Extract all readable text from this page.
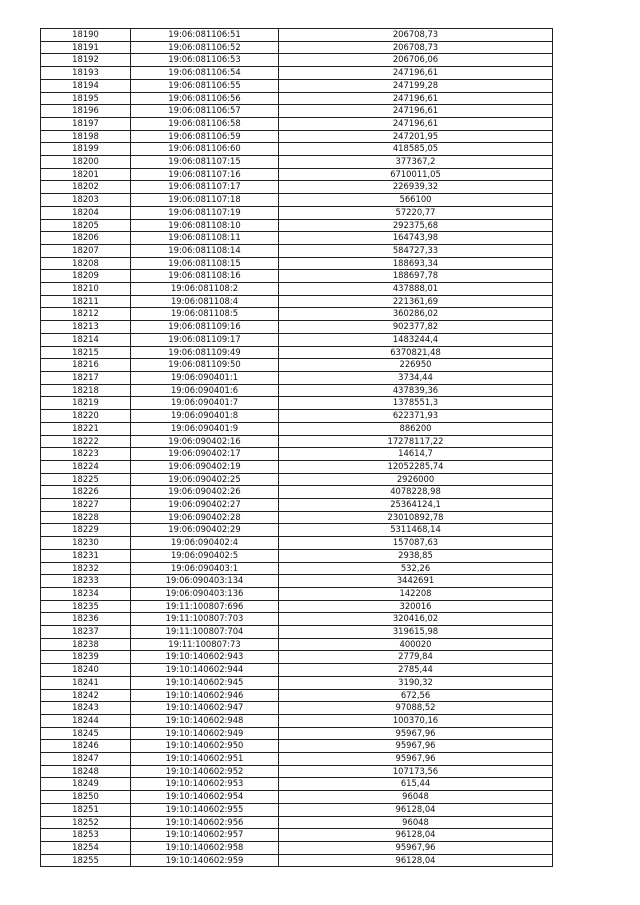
18190	19:06:081106:51	206708,73
18191	19:06:081106:52	206708,73
18192	19:06:081106:53	206706,06
18193	19:06:081106:54	247196,61
18194	19:06:081106:55	247199,28
18195	19:06:081106:56	247196,61
18196	19:06:081106:57	247196,61
18197	19:06:081106:58	247196,61
18198	19:06:081106:59	247201,95
18199	19:06:081106:60	418585,05
18200	19:06:081107:15	377367,2
18201	19:06:081107:16	6710011,05
18202	19:06:081107:17	226939,32
18203	19:06:081107:18	566100
18204	19:06:081107:19	57220,77
18205	19:06:081108:10	292375,68
18206	19:06:081108:11	164743,98
18207	19:06:081108:14	584727,33
18208	19:06:081108:15	188693,34
18209	19:06:081108:16	188697,78
18210	19:06:081108:2	437888,01
18211	19:06:081108:4	221361,69
18212	19:06:081108:5	360286,02
18213	19:06:081109:16	902377,82
18214	19:06:081109:17	1483244,4
18215	19:06:081109:49	6370821,48
18216	19:06:081109:50	226950
18217	19:06:090401:1	3734,44
18218	19:06:090401:6	437839,36
18219	19:06:090401:7	1378551,3
18220	19:06:090401:8	622371,93
18221	19:06:090401:9	886200
18222	19:06:090402:16	17278117,22
18223	19:06:090402:17	14614,7
18224	19:06:090402:19	12052285,74
18225	19:06:090402:25	2926000
18226	19:06:090402:26	4078228,98
18227	19:06:090402:27	25364124,1
18228	19:06:090402:28	23010892,78
18229	19:06:090402:29	5311468,14
18230	19:06:090402:4	157087,63
18231	19:06:090402:5	2938,85
18232	19:06:090403:1	532,26
18233	19:06:090403:134	3442691
18234	19:06:090403:136	142208
18235	19:11:100807:696	320016
18236	19:11:100807:703	320416,02
18237	19:11:100807:704	319615,98
18238	19:11:100807:73	400020
18239	19:10:140602:943	2779,84
18240	19:10:140602:944	2785,44
18241	19:10:140602:945	3190,32
18242	19:10:140602:946	672,56
18243	19:10:140602:947	97088,52
18244	19:10:140602:948	100370,16
18245	19:10:140602:949	95967,96
18246	19:10:140602:950	95967,96
18247	19:10:140602:951	95967,96
18248	19:10:140602:952	107173,56
18249	19:10:140602:953	615,44
18250	19:10:140602:954	96048
18251	19:10:140602:955	96128,04
18252	19:10:140602:956	96048
18253	19:10:140602:957	96128,04
18254	19:10:140602:958	95967,96
18255	19:10:140602:959	96128,04
